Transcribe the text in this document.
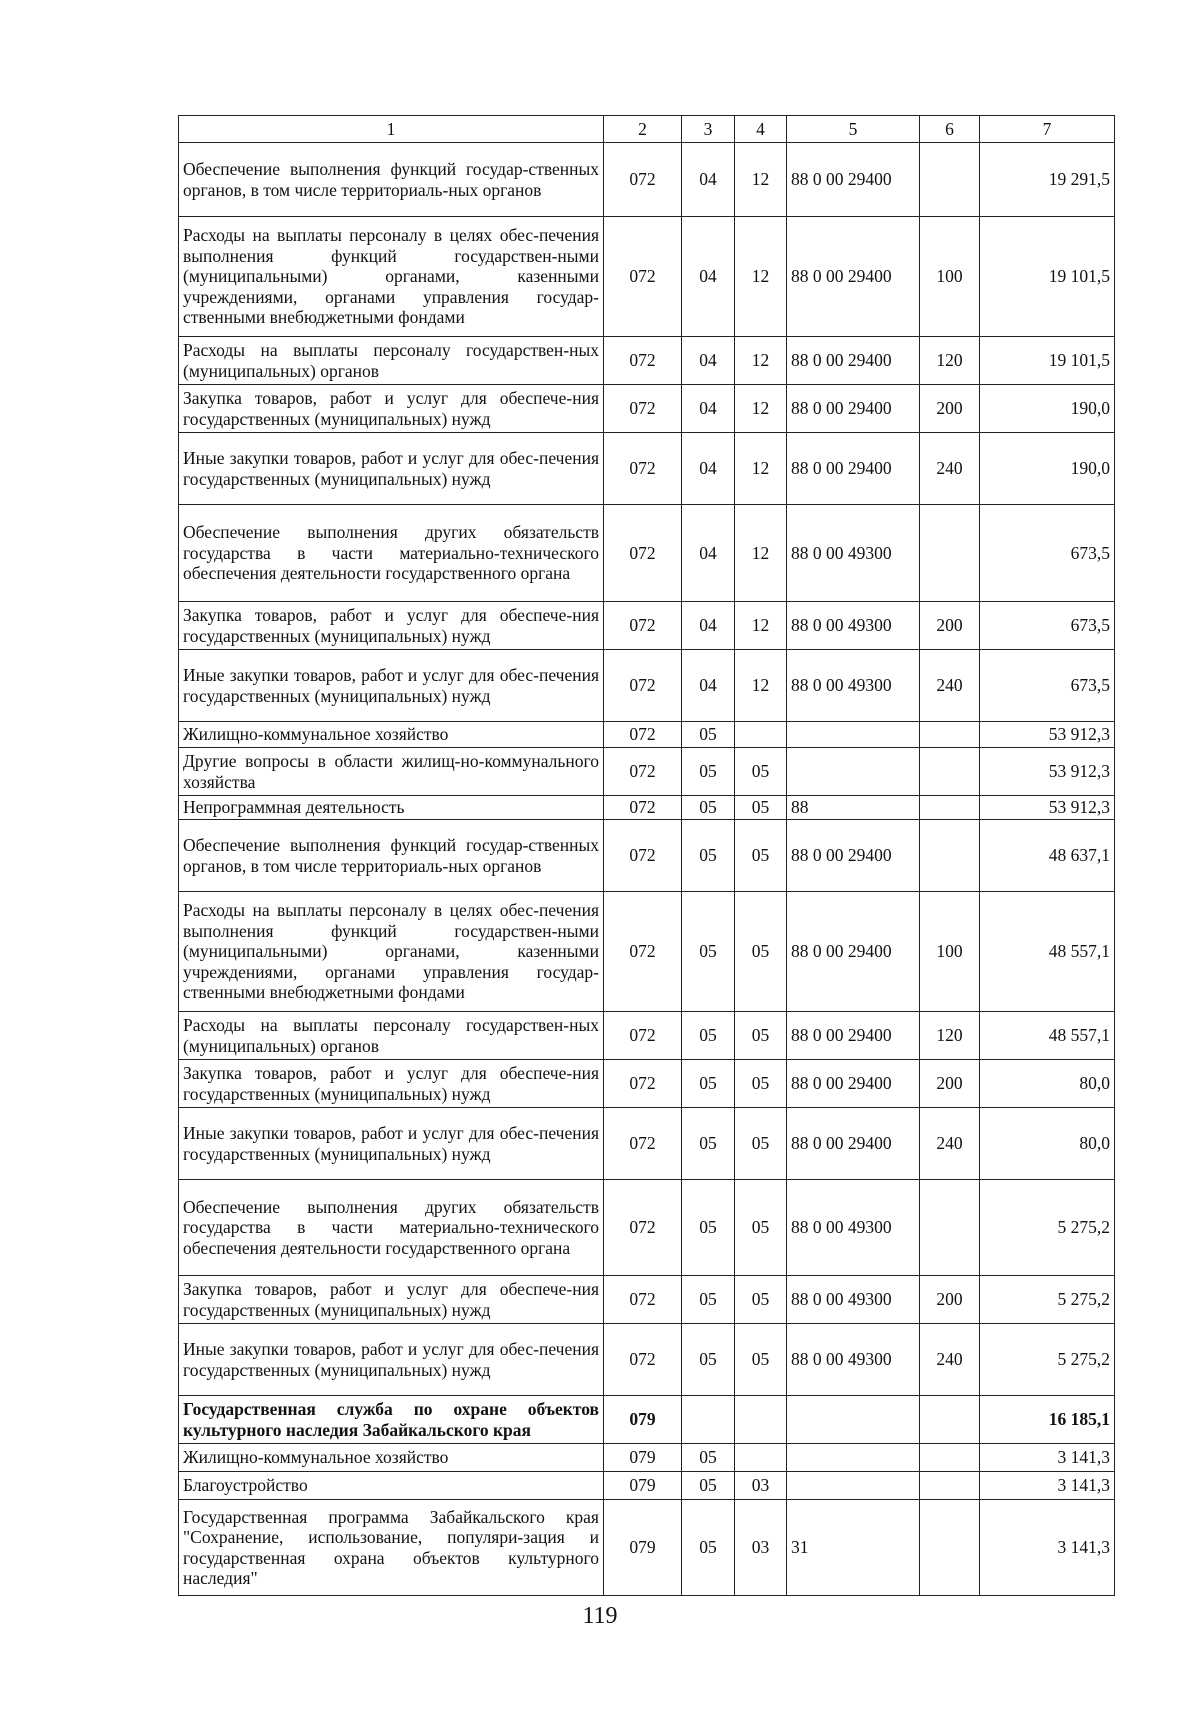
1	2	3	4	5	6	7
Обеспечение выполнения функций государ-ственных органов, в том числе территориаль-ных органов	072	04	12	88 0 00 29400		19 291,5
Расходы на выплаты персоналу в целях обес-печения выполнения функций государствен-ными (муниципальными) органами, казенными учреждениями, органами управления государ-ственными внебюджетными фондами	072	04	12	88 0 00 29400	100	19 101,5
Расходы на выплаты персоналу государствен-ных (муниципальных) органов	072	04	12	88 0 00 29400	120	19 101,5
Закупка товаров, работ и услуг для обеспече-ния государственных (муниципальных) нужд	072	04	12	88 0 00 29400	200	190,0
Иные закупки товаров, работ и услуг для обес-печения государственных (муниципальных) нужд	072	04	12	88 0 00 29400	240	190,0
Обеспечение выполнения других обязательств государства в части материально-технического обеспечения деятельности государственного органа	072	04	12	88 0 00 49300		673,5
Закупка товаров, работ и услуг для обеспече-ния государственных (муниципальных) нужд	072	04	12	88 0 00 49300	200	673,5
Иные закупки товаров, работ и услуг для обес-печения государственных (муниципальных) нужд	072	04	12	88 0 00 49300	240	673,5
Жилищно-коммунальное хозяйство	072	05				53 912,3
Другие вопросы в области жилищ-но-коммунального хозяйства	072	05	05			53 912,3
Непрограммная деятельность	072	05	05	88		53 912,3
Обеспечение выполнения функций государ-ственных органов, в том числе территориаль-ных органов	072	05	05	88 0 00 29400		48 637,1
Расходы на выплаты персоналу в целях обес-печения выполнения функций государствен-ными (муниципальными) органами, казенными учреждениями, органами управления государ-ственными внебюджетными фондами	072	05	05	88 0 00 29400	100	48 557,1
Расходы на выплаты персоналу государствен-ных (муниципальных) органов	072	05	05	88 0 00 29400	120	48 557,1
Закупка товаров, работ и услуг для обеспече-ния государственных (муниципальных) нужд	072	05	05	88 0 00 29400	200	80,0
Иные закупки товаров, работ и услуг для обес-печения государственных (муниципальных) нужд	072	05	05	88 0 00 29400	240	80,0
Обеспечение выполнения других обязательств государства в части материально-технического обеспечения деятельности государственного органа	072	05	05	88 0 00 49300		5 275,2
Закупка товаров, работ и услуг для обеспече-ния государственных (муниципальных) нужд	072	05	05	88 0 00 49300	200	5 275,2
Иные закупки товаров, работ и услуг для обес-печения государственных (муниципальных) нужд	072	05	05	88 0 00 49300	240	5 275,2
Государственная служба по охране объектов культурного наследия Забайкальского края	079					16 185,1
Жилищно-коммунальное хозяйство	079	05				3 141,3
Благоустройство	079	05	03			3 141,3
Государственная программа Забайкальского края "Сохранение, использование, популяри-зация и государственная охрана объектов культурного наследия"	079	05	03	31		3 141,3
119
